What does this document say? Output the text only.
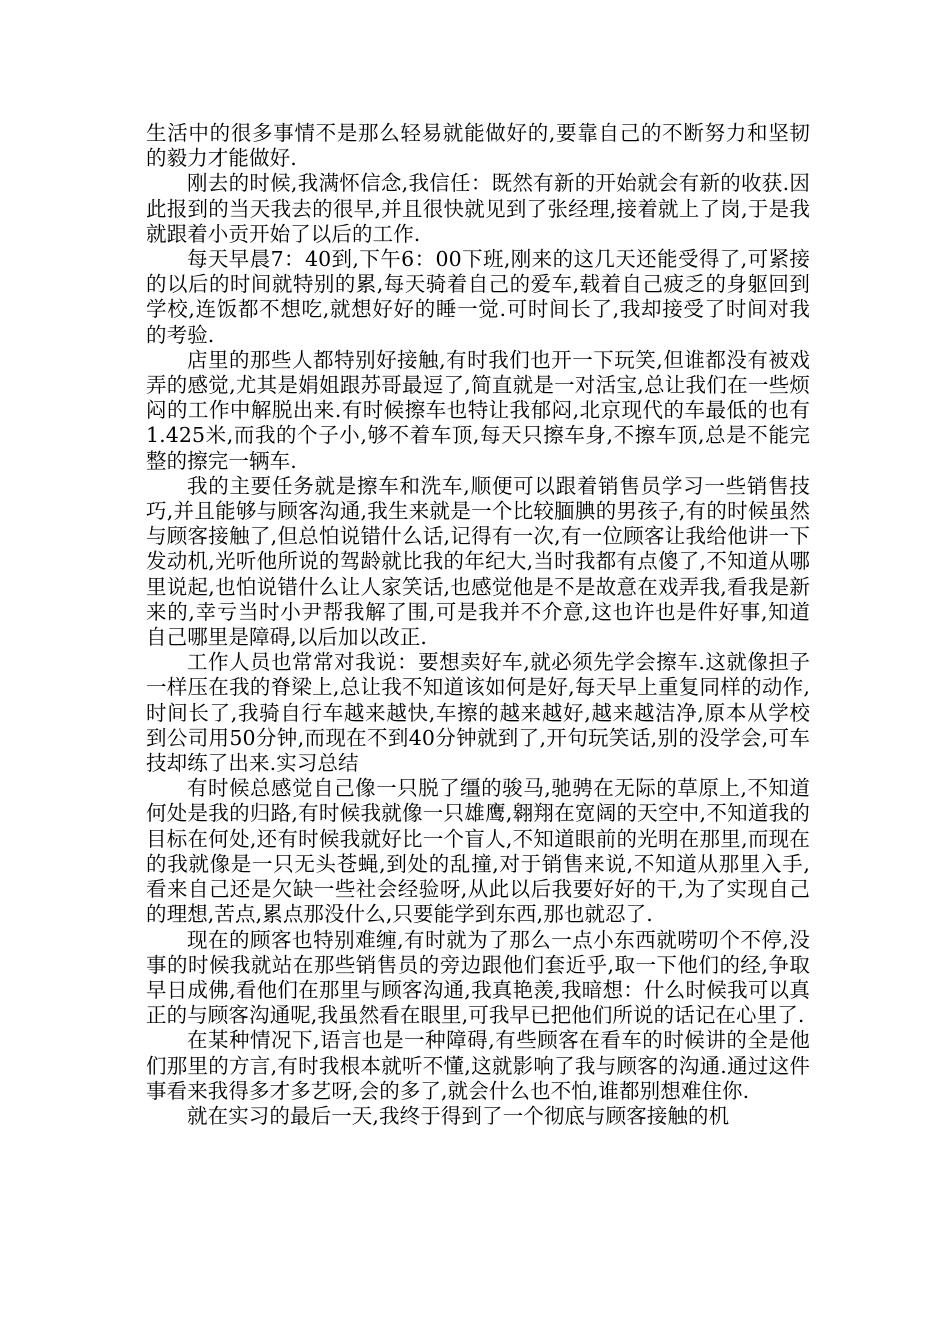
生活中的很多事情不是那么轻易就能做好的,要靠自己的不断努力和坚韧的毅力才能做好.

刚去的时候,我满怀信念,我信任：既然有新的开始就会有新的收获.因此报到的当天我去的很早,并且很快就见到了张经理,接着就上了岗,于是我就跟着小贡开始了以后的工作.

每天早晨7：40到,下午6：00下班,刚来的这几天还能受得了,可紧接的以后的时间就特别的累,每天骑着自己的爱车,载着自己疲乏的身躯回到学校,连饭都不想吃,就想好好的睡一觉.可时间长了,我却接受了时间对我的考验.

店里的那些人都特别好接触,有时我们也开一下玩笑,但谁都没有被戏弄的感觉,尤其是娟姐跟苏哥最逗了,简直就是一对活宝,总让我们在一些烦闷的工作中解脱出来.有时候擦车也特让我郁闷,北京现代的车最低的也有1.425米,而我的个子小,够不着车顶,每天只擦车身,不擦车顶,总是不能完整的擦完一辆车.

我的主要任务就是擦车和洗车,顺便可以跟着销售员学习一些销售技巧,并且能够与顾客沟通,我生来就是一个比较腼腆的男孩子,有的时候虽然与顾客接触了,但总怕说错什么话,记得有一次,有一位顾客让我给他讲一下发动机,光听他所说的驾龄就比我的年纪大,当时我都有点傻了,不知道从哪里说起,也怕说错什么让人家笑话,也感觉他是不是故意在戏弄我,看我是新来的,幸亏当时小尹帮我解了围,可是我并不介意,这也许也是件好事,知道自己哪里是障碍,以后加以改正.

工作人员也常常对我说：要想卖好车,就必须先学会擦车.这就像担子一样压在我的脊梁上,总让我不知道该如何是好,每天早上重复同样的动作,时间长了,我骑自行车越来越快,车擦的越来越好,越来越洁净,原本从学校到公司用50分钟,而现在不到40分钟就到了,开句玩笑话,别的没学会,可车技却练了出来.实习总结

有时候总感觉自己像一只脱了缰的骏马,驰骋在无际的草原上,不知道何处是我的归路,有时候我就像一只雄鹰,翱翔在宽阔的天空中,不知道我的目标在何处,还有时候我就好比一个盲人,不知道眼前的光明在那里,而现在的我就像是一只无头苍蝇,到处的乱撞,对于销售来说,不知道从那里入手,看来自己还是欠缺一些社会经验呀,从此以后我要好好的干,为了实现自己的理想,苦点,累点那没什么,只要能学到东西,那也就忍了.

现在的顾客也特别难缠,有时就为了那么一点小东西就唠叨个不停,没事的时候我就站在那些销售员的旁边跟他们套近乎,取一下他们的经,争取早日成佛,看他们在那里与顾客沟通,我真艳羡,我暗想：什么时候我可以真正的与顾客沟通呢,我虽然看在眼里,可我早已把他们所说的话记在心里了.

在某种情况下,语言也是一种障碍,有些顾客在看车的时候讲的全是他们那里的方言,有时我根本就听不懂,这就影响了我与顾客的沟通.通过这件事看来我得多才多艺呀,会的多了,就会什么也不怕,谁都别想难住你.

就在实习的最后一天,我终于得到了一个彻底与顾客接触的机
